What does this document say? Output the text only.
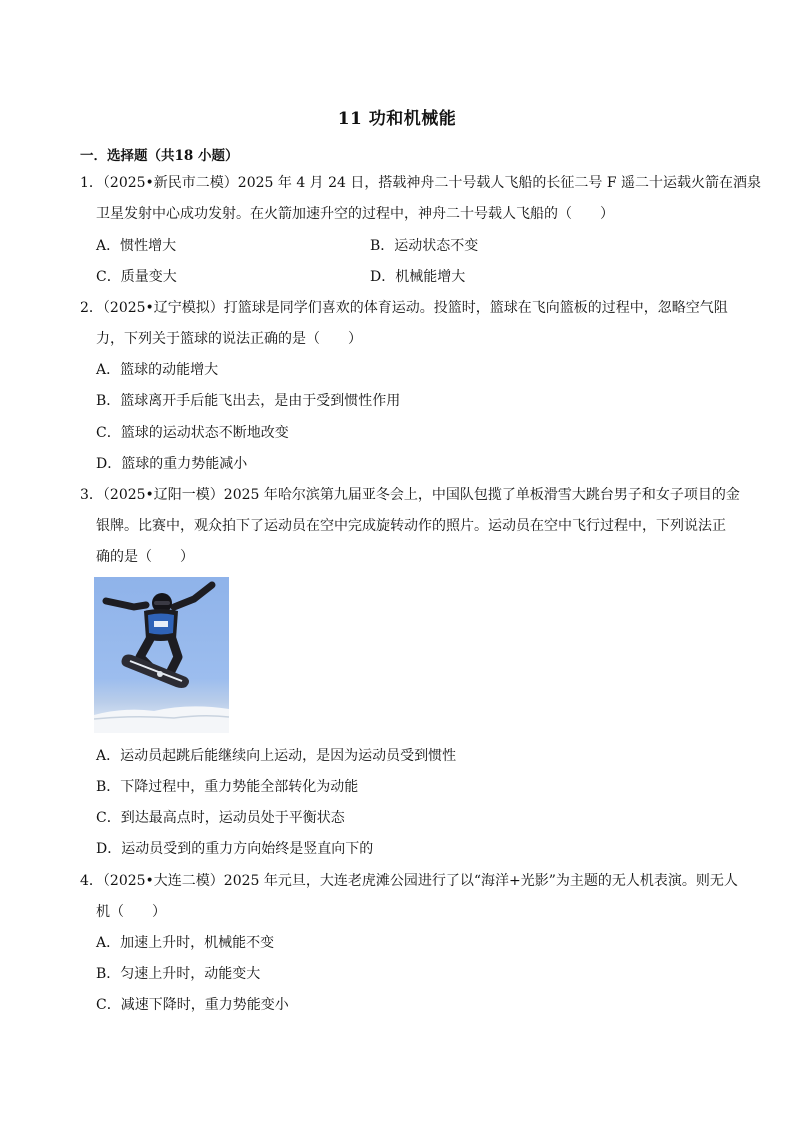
11 功和机械能
一．选择题（共18 小题）
1．（2025•新民市二模）2025 年 4 月 24 日，搭载神舟二十号载人飞船的长征二号 F 遥二十运载火箭在酒泉
卫星发射中心成功发射。在火箭加速升空的过程中，神舟二十号载人飞船的（　　）
A．惯性增大	B．运动状态不变
C．质量变大	D．机械能增大
2．（2025•辽宁模拟）打篮球是同学们喜欢的体育运动。投篮时，篮球在飞向篮板的过程中，忽略空气阻
力，下列关于篮球的说法正确的是（　　）
A．篮球的动能增大
B．篮球离开手后能飞出去，是由于受到惯性作用
C．篮球的运动状态不断地改变
D．篮球的重力势能减小
3．（2025•辽阳一模）2025 年哈尔滨第九届亚冬会上，中国队包揽了单板滑雪大跳台男子和女子项目的金
银牌。比赛中，观众拍下了运动员在空中完成旋转动作的照片。运动员在空中飞行过程中，下列说法正
确的是（　　）
A．运动员起跳后能继续向上运动，是因为运动员受到惯性
B．下降过程中，重力势能全部转化为动能
C．到达最高点时，运动员处于平衡状态
D．运动员受到的重力方向始终是竖直向下的
4．（2025•大连二模）2025 年元旦，大连老虎滩公园进行了以“海洋+光影”为主题的无人机表演。则无人
机（　　）
A．加速上升时，机械能不变
B．匀速上升时，动能变大
C．减速下降时，重力势能变小
